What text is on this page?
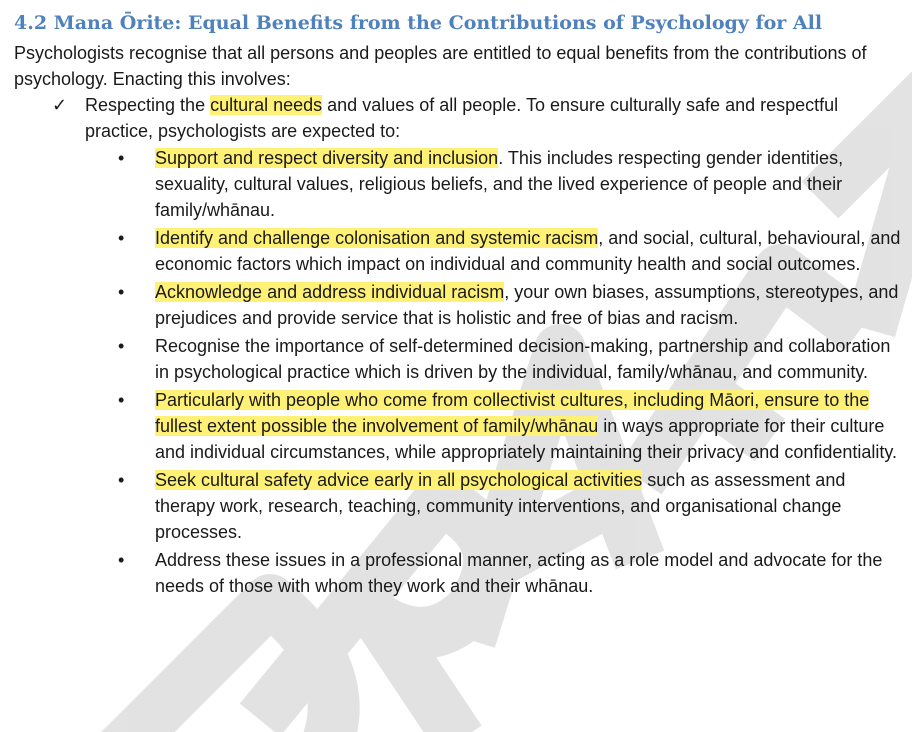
4.2 Mana Ōrite: Equal Benefits from the Contributions of Psychology for All

Psychologists recognise that all persons and peoples are entitled to equal benefits from the contributions of psychology. Enacting this involves:

✓ Respecting the cultural needs and values of all people. To ensure culturally safe and respectful practice, psychologists are expected to:

• Support and respect diversity and inclusion. This includes respecting gender identities, sexuality, cultural values, religious beliefs, and the lived experience of people and their family/whānau.
• Identify and challenge colonisation and systemic racism, and social, cultural, behavioural, and economic factors which impact on individual and community health and social outcomes.
• Acknowledge and address individual racism, your own biases, assumptions, stereotypes, and prejudices and provide service that is holistic and free of bias and racism.
• Recognise the importance of self-determined decision-making, partnership and collaboration in psychological practice which is driven by the individual, family/whānau, and community.
• Particularly with people who come from collectivist cultures, including Māori, ensure to the fullest extent possible the involvement of family/whānau in ways appropriate for their culture and individual circumstances, while appropriately maintaining their privacy and confidentiality.
• Seek cultural safety advice early in all psychological activities such as assessment and therapy work, research, teaching, community interventions, and organisational change processes.
• Address these issues in a professional manner, acting as a role model and advocate for the needs of those with whom they work and their whānau.
